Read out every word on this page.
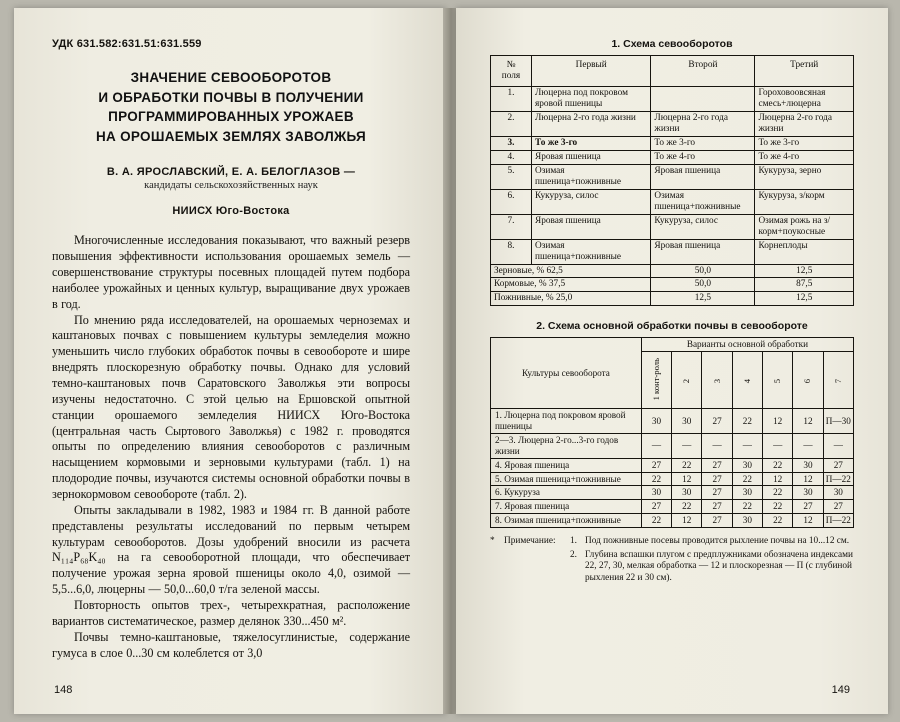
УДК 631.582:631.51:631.559
ЗНАЧЕНИЕ СЕВООБОРОТОВ
И ОБРАБОТКИ ПОЧВЫ В ПОЛУЧЕНИИ
ПРОГРАММИРОВАННЫХ УРОЖАЕВ
НА ОРОШАЕМЫХ ЗЕМЛЯХ ЗАВОЛЖЬЯ
В. А. ЯРОСЛАВСКИЙ, Е. А. БЕЛОГЛАЗОВ —
кандидаты сельскохозяйственных наук
НИИСХ Юго-Востока

Многочисленные исследования показывают, что важный резерв повышения эффективности использования орошаемых земель — совершенствование структуры посевных площадей путем подбора наиболее урожайных и ценных культур, выращивание двух урожаев в год.

По мнению ряда исследователей, на орошаемых черноземах и каштановых почвах с повышением культуры земледелия можно уменьшить число глубоких обработок почвы в севообороте и шире внедрять плоскорезную обработку почвы. Однако для условий темно-каштановых почв Саратовского Заволжья эти вопросы изучены недостаточно. С этой целью на Ершовской опытной станции орошаемого земледелия НИИСХ Юго-Востока (центральная часть Сыртового Заволжья) с 1982 г. проводятся опыты по определению влияния севооборотов с различным насыщением кормовыми и зерновыми культурами (табл. 1) на плодородие почвы, изучаются системы основной обработки почвы в зернокормовом севообороте (табл. 2).

Опыты закладывали в 1982, 1983 и 1984 гг. В данной работе представлены результаты исследований по первым четырем культурам севооборотов. Дозы удобрений вносили из расчета N₁₁₄P₆₈K₄₀ на га севооборотной площади, что обеспечивает получение урожая зерна яровой пшеницы около 4,0, озимой — 5,5...6,0, люцерны — 50,0...60,0 т/га зеленой массы.

Повторность опытов трех-, четырехкратная, расположение вариантов систематическое, размер делянок 330...450 м².

Почвы темно-каштановые, тяжелосуглинистые, содержание гумуса в слое 0...30 см колеблется от 3,0

148
1. Схема севооборотов
№
поля	Первый	Второй	Третий
1.	Люцерна под покровом яровой пшеницы		Гороховоовсяная смесь+люцерна
2.	Люцерна 2-го года жизни	Люцерна 2-го года жизни	Люцерна 2-го года жизни
3.	То же 3-го	То же 3-го	То же 3-го
4.	Яровая пшеница	То же 4-го	То же 4-го
5.	Озимая пшеница+пожнивные	Яровая пшеница	Кукуруза, зерно
6.	Кукуруза, силос	Озимая пшеница+пожнивные	Кукуруза, з/корм
7.	Яровая пшеница	Кукуруза, силос	Озимая рожь на з/корм+поукосные
8.	Озимая пшеница+пожнивные	Яровая пшеница	Корнеплоды
Зерновые, % 62,5		50,0	12,5
Кормовые, % 37,5		50,0	87,5
Пожнивные, % 25,0		12,5	12,5
2. Схема основной обработки почвы в севообороте
Культуры севооборота	Варианты основной обработки						
	1 конт-роль	2	3	4	5	6	7
1. Люцерна под покровом яровой пшеницы	30	30	27	22	12	12	П—30
2—3. Люцерна 2-го...3-го годов жизни	—	—	—	—	—	—	—
4. Яровая пшеница	27	22	27	30	22	30	27
5. Озимая пшеница+пожнивные	22	12	27	22	12	12	П—22
6. Кукуруза	30	30	27	30	22	30	30
7. Яровая пшеница	27	22	27	22	22	27	27
8. Озимая пшеница+пожнивные	22	12	27	30	22	12	П—22
*	Примечание:	1. Под пожнивные посевы проводится рыхление почвы на 10...12 см.
2. Глубина вспашки плугом с предплужниками обозначена индексами 22, 27, 30, мелкая обработка — 12 и плоскорезная — П (с глубиной рыхления 22 и 30 см).
149
